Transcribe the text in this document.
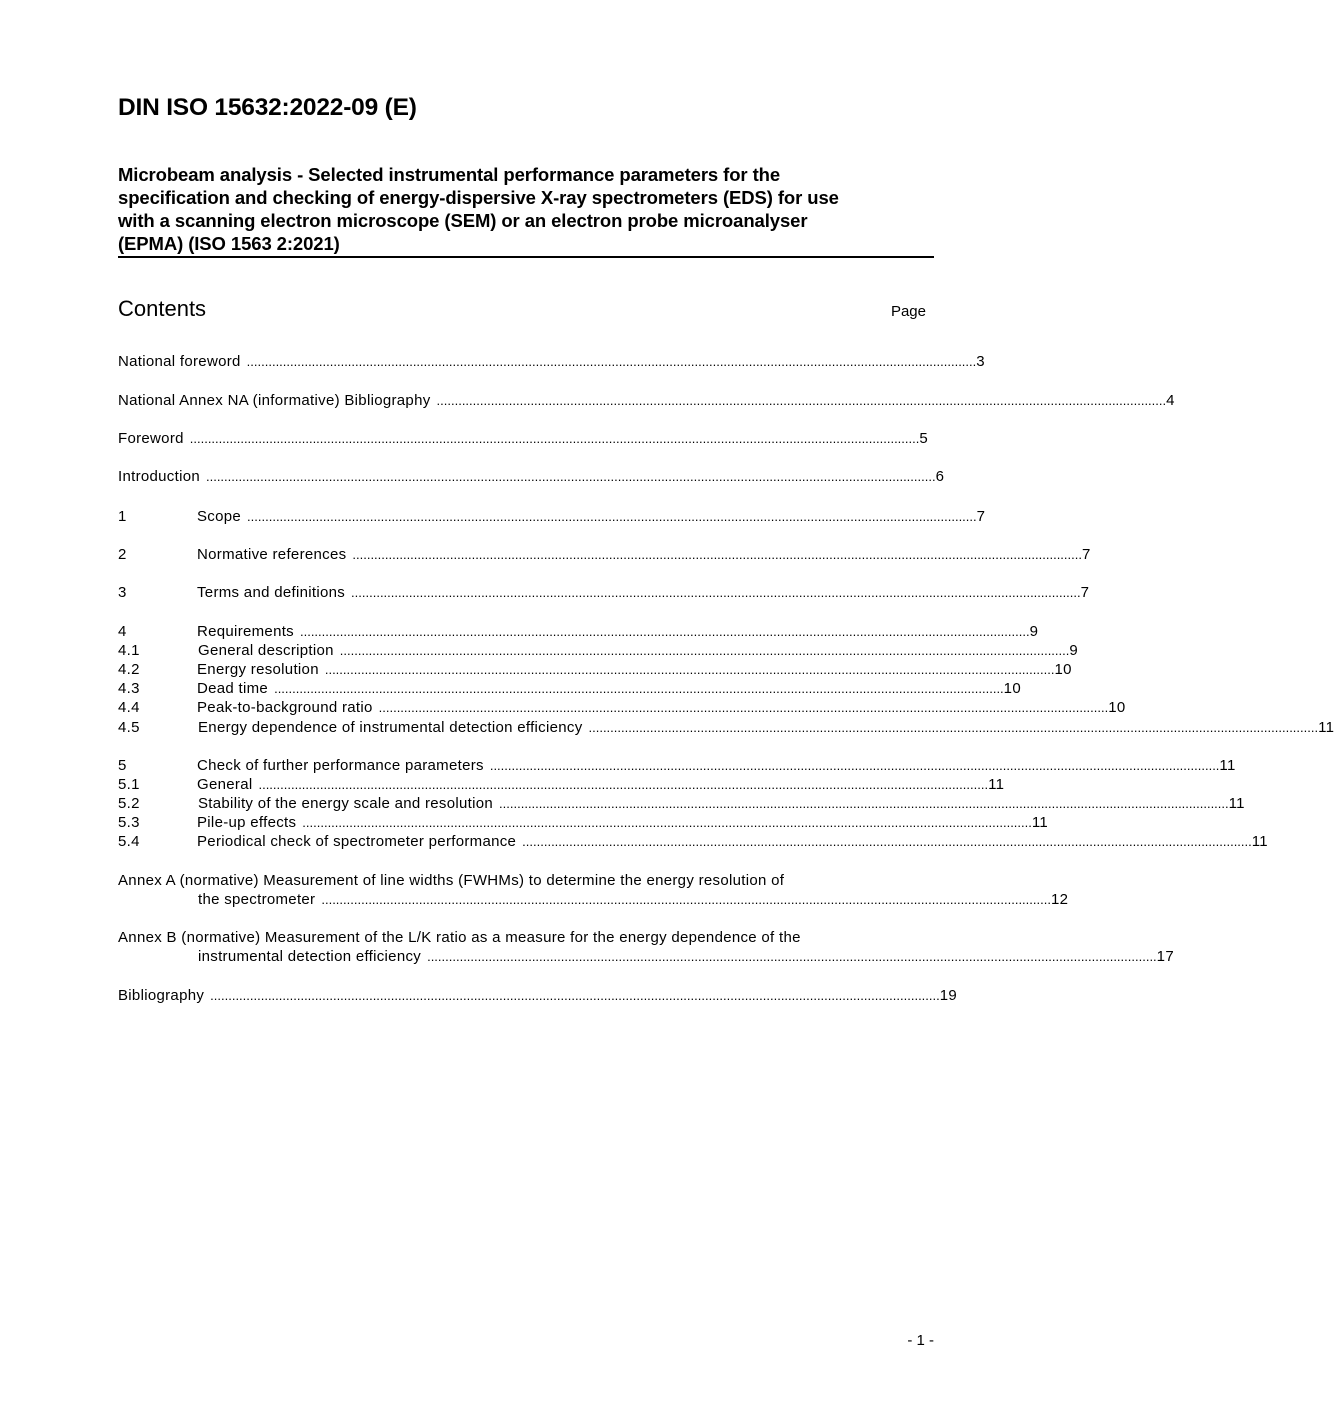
DIN ISO 15632:2022-09 (E)
Microbeam analysis - Selected instrumental performance parameters for the
specification and checking of energy-dispersive X-ray spectrometers (EDS) for use
with a scanning electron microscope (SEM) or an electron probe microanalyser
(EPMA) (ISO 1563 2:2021)
Contents	Page
National foreword .......................................................................................................................................................................................................... 3
National Annex NA (informative) Bibliography .......................................................................................................................................................................................................... 4
Foreword .......................................................................................................................................................................................................... 5
Introduction .......................................................................................................................................................................................................... 6
1	Scope .......................................................................................................................................................................................................... 7
2	Normative references .......................................................................................................................................................................................................... 7
3	Terms and definitions .......................................................................................................................................................................................................... 7
4	Requirements .......................................................................................................................................................................................................... 9
4.1	General description .......................................................................................................................................................................................................... 9
4.2	Energy resolution .......................................................................................................................................................................................................... 10
4.3	Dead time .......................................................................................................................................................................................................... 10
4.4	Peak-to-background ratio .......................................................................................................................................................................................................... 10
4.5	Energy dependence of instrumental detection efficiency .......................................................................................................................................................................................................... 11
5	Check of further performance parameters .......................................................................................................................................................................................................... 11
5.1	General .......................................................................................................................................................................................................... 11
5.2	Stability of the energy scale and resolution .......................................................................................................................................................................................................... 11
5.3	Pile-up effects .......................................................................................................................................................................................................... 11
5.4	Periodical check of spectrometer performance .......................................................................................................................................................................................................... 11
Annex A (normative) Measurement of line widths (FWHMs) to determine the energy resolution of
the spectrometer .......................................................................................................................................................................................................... 12
Annex B (normative) Measurement of the L/K ratio as a measure for the energy dependence of the
instrumental detection efficiency .......................................................................................................................................................................................................... 17
Bibliography .......................................................................................................................................................................................................... 19
- 1 -
